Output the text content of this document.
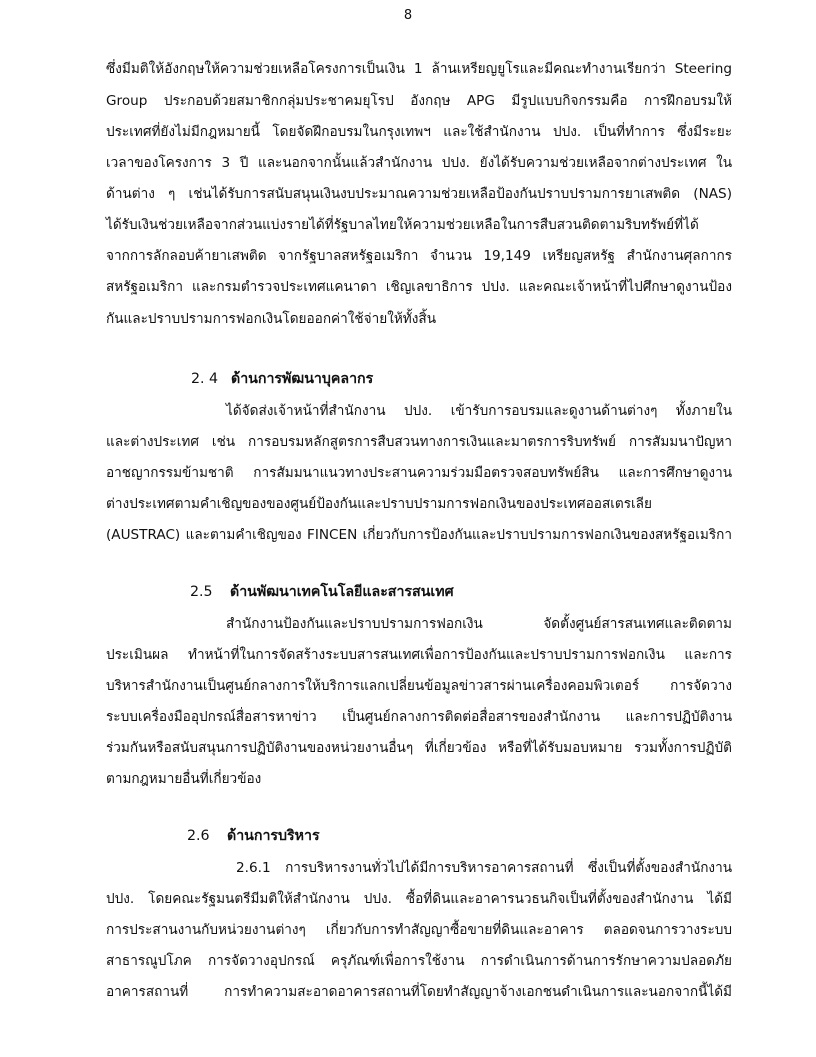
8
ซึ่งมีมติให้อังกฤษให้ความช่วยเหลือโครงการเป็นเงิน 1 ล้านเหรียญยูโรและมีคณะทำงานเรียกว่า Steering
Group ประกอบด้วยสมาชิกกลุ่มประชาคมยุโรป อังกฤษ APG มีรูปแบบกิจกรรมคือ การฝึกอบรมให้
ประเทศที่ยังไม่มีกฎหมายนี้ โดยจัดฝึกอบรมในกรุงเทพฯ และใช้สำนักงาน ปปง. เป็นที่ทำการ ซึ่งมีระยะ
เวลาของโครงการ 3 ปี และนอกจากนั้นแล้วสำนักงาน ปปง. ยังได้รับความช่วยเหลือจากต่างประเทศ ใน
ด้านต่าง ๆ เช่นได้รับการสนับสนุนเงินงบประมาณความช่วยเหลือป้องกันปราบปรามการยาเสพติด (NAS)
ได้รับเงินช่วยเหลือจากส่วนแบ่งรายได้ที่รัฐบาลไทยให้ความช่วยเหลือในการสืบสวนติดตามริบทรัพย์ที่ได้
จากการลักลอบค้ายาเสพติด จากรัฐบาลสหรัฐอเมริกา จำนวน 19,149 เหรียญสหรัฐ สำนักงานศุลกากร
สหรัฐอเมริกา และกรมตำรวจประเทศแคนาดา เชิญเลขาธิการ ปปง. และคณะเจ้าหน้าที่ไปศึกษาดูงานป้อง
กันและปราบปรามการฟอกเงินโดยออกค่าใช้จ่ายให้ทั้งสิ้น
2. 4 ด้านการพัฒนาบุคลากร
ได้จัดส่งเจ้าหน้าที่สำนักงาน ปปง. เข้ารับการอบรมและดูงานด้านต่างๆ ทั้งภายใน
และต่างประเทศ เช่น การอบรมหลักสูตรการสืบสวนทางการเงินและมาตรการริบทรัพย์ การสัมมนาปัญหา
อาชญากรรมข้ามชาติ การสัมมนาแนวทางประสานความร่วมมือตรวจสอบทรัพย์สิน และการศึกษาดูงาน
ต่างประเทศตามคำเชิญของของศูนย์ป้องกันและปราบปรามการฟอกเงินของประเทศออสเตรเลีย
(AUSTRAC) และตามคำเชิญของ FINCEN เกี่ยวกับการป้องกันและปราบปรามการฟอกเงินของสหรัฐอเมริกา
2.5 ด้านพัฒนาเทคโนโลยีและสารสนเทศ
สำนักงานป้องกันและปราบปรามการฟอกเงิน จัดตั้งศูนย์สารสนเทศและติดตาม
ประเมินผล ทำหน้าที่ในการจัดสร้างระบบสารสนเทศเพื่อการป้องกันและปราบปรามการฟอกเงิน และการ
บริหารสำนักงานเป็นศูนย์กลางการให้บริการแลกเปลี่ยนข้อมูลข่าวสารผ่านเครื่องคอมพิวเตอร์ การจัดวาง
ระบบเครื่องมืออุปกรณ์สื่อสารหาข่าว เป็นศูนย์กลางการติดต่อสื่อสารของสำนักงาน และการปฏิบัติงาน
ร่วมกันหรือสนับสนุนการปฏิบัติงานของหน่วยงานอื่นๆ ที่เกี่ยวข้อง หรือที่ได้รับมอบหมาย รวมทั้งการปฏิบัติ
ตามกฎหมายอื่นที่เกี่ยวข้อง
2.6 ด้านการบริหาร
2.6.1 การบริหารงานทั่วไปได้มีการบริหารอาคารสถานที่ ซึ่งเป็นที่ตั้งของสำนักงาน
ปปง. โดยคณะรัฐมนตรีมีมติให้สำนักงาน ปปง. ซื้อที่ดินและอาคารนวธนกิจเป็นที่ตั้งของสำนักงาน ได้มี
การประสานงานกับหน่วยงานต่างๆ เกี่ยวกับการทำสัญญาซื้อขายที่ดินและอาคาร ตลอดจนการวางระบบ
สาธารณูปโภค การจัดวางอุปกรณ์ ครุภัณฑ์เพื่อการใช้งาน การดำเนินการด้านการรักษาความปลอดภัย
อาคารสถานที่ การทำความสะอาดอาคารสถานที่โดยทำสัญญาจ้างเอกชนดำเนินการและนอกจากนี้ได้มี
